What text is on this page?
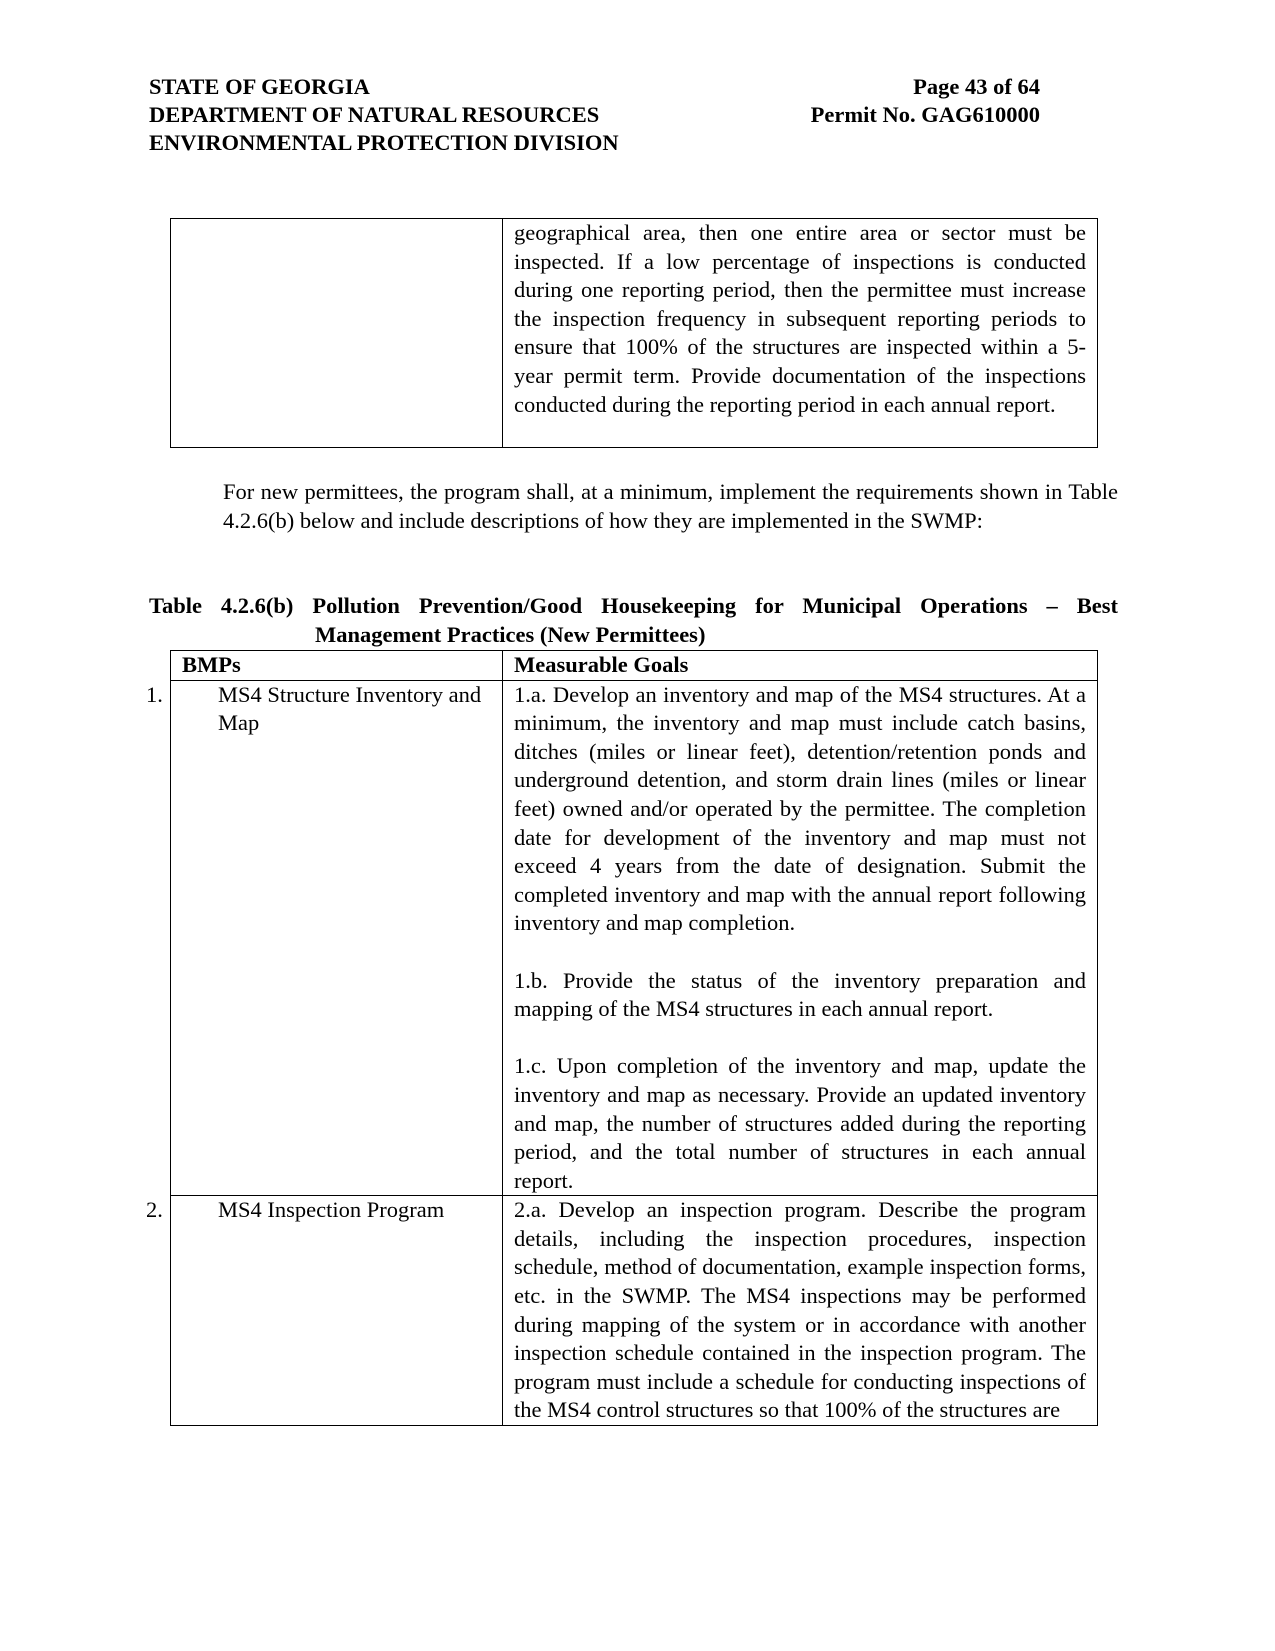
STATE OF GEORGIA
DEPARTMENT OF NATURAL RESOURCES
ENVIRONMENTAL PROTECTION DIVISION
Page 43 of 64
Permit No. GAG610000
	geographical area, then one entire area or sector must be inspected. If a low percentage of inspections is conducted during one reporting period, then the permittee must increase the inspection frequency in subsequent reporting periods to ensure that 100% of the structures are inspected within a 5-year permit term. Provide documentation of the inspections conducted during the reporting period in each annual report.
For new permittees, the program shall, at a minimum, implement the requirements shown in Table 4.2.6(b) below and include descriptions of how they are implemented in the SWMP:
Table 4.2.6(b) Pollution Prevention/Good Housekeeping for Municipal Operations – Best
Management Practices (New Permittees)
BMPs	Measurable Goals

1. MS4 Structure Inventory and Map	1.a. Develop an inventory and map of the MS4 structures. At a minimum, the inventory and map must include catch basins, ditches (miles or linear feet), detention/retention ponds and underground detention, and storm drain lines (miles or linear feet) owned and/or operated by the permittee. The completion date for development of the inventory and map must not exceed 4 years from the date of designation. Submit the completed inventory and map with the annual report following inventory and map completion.

1.b. Provide the status of the inventory preparation and mapping of the MS4 structures in each annual report.

1.c. Upon completion of the inventory and map, update the inventory and map as necessary. Provide an updated inventory and map, the number of structures added during the reporting period, and the total number of structures in each annual report.

2. MS4 Inspection Program	2.a. Develop an inspection program. Describe the program details, including the inspection procedures, inspection schedule, method of documentation, example inspection forms, etc. in the SWMP. The MS4 inspections may be performed during mapping of the system or in accordance with another inspection schedule contained in the inspection program. The program must include a schedule for conducting inspections of the MS4 control structures so that 100% of the structures are
